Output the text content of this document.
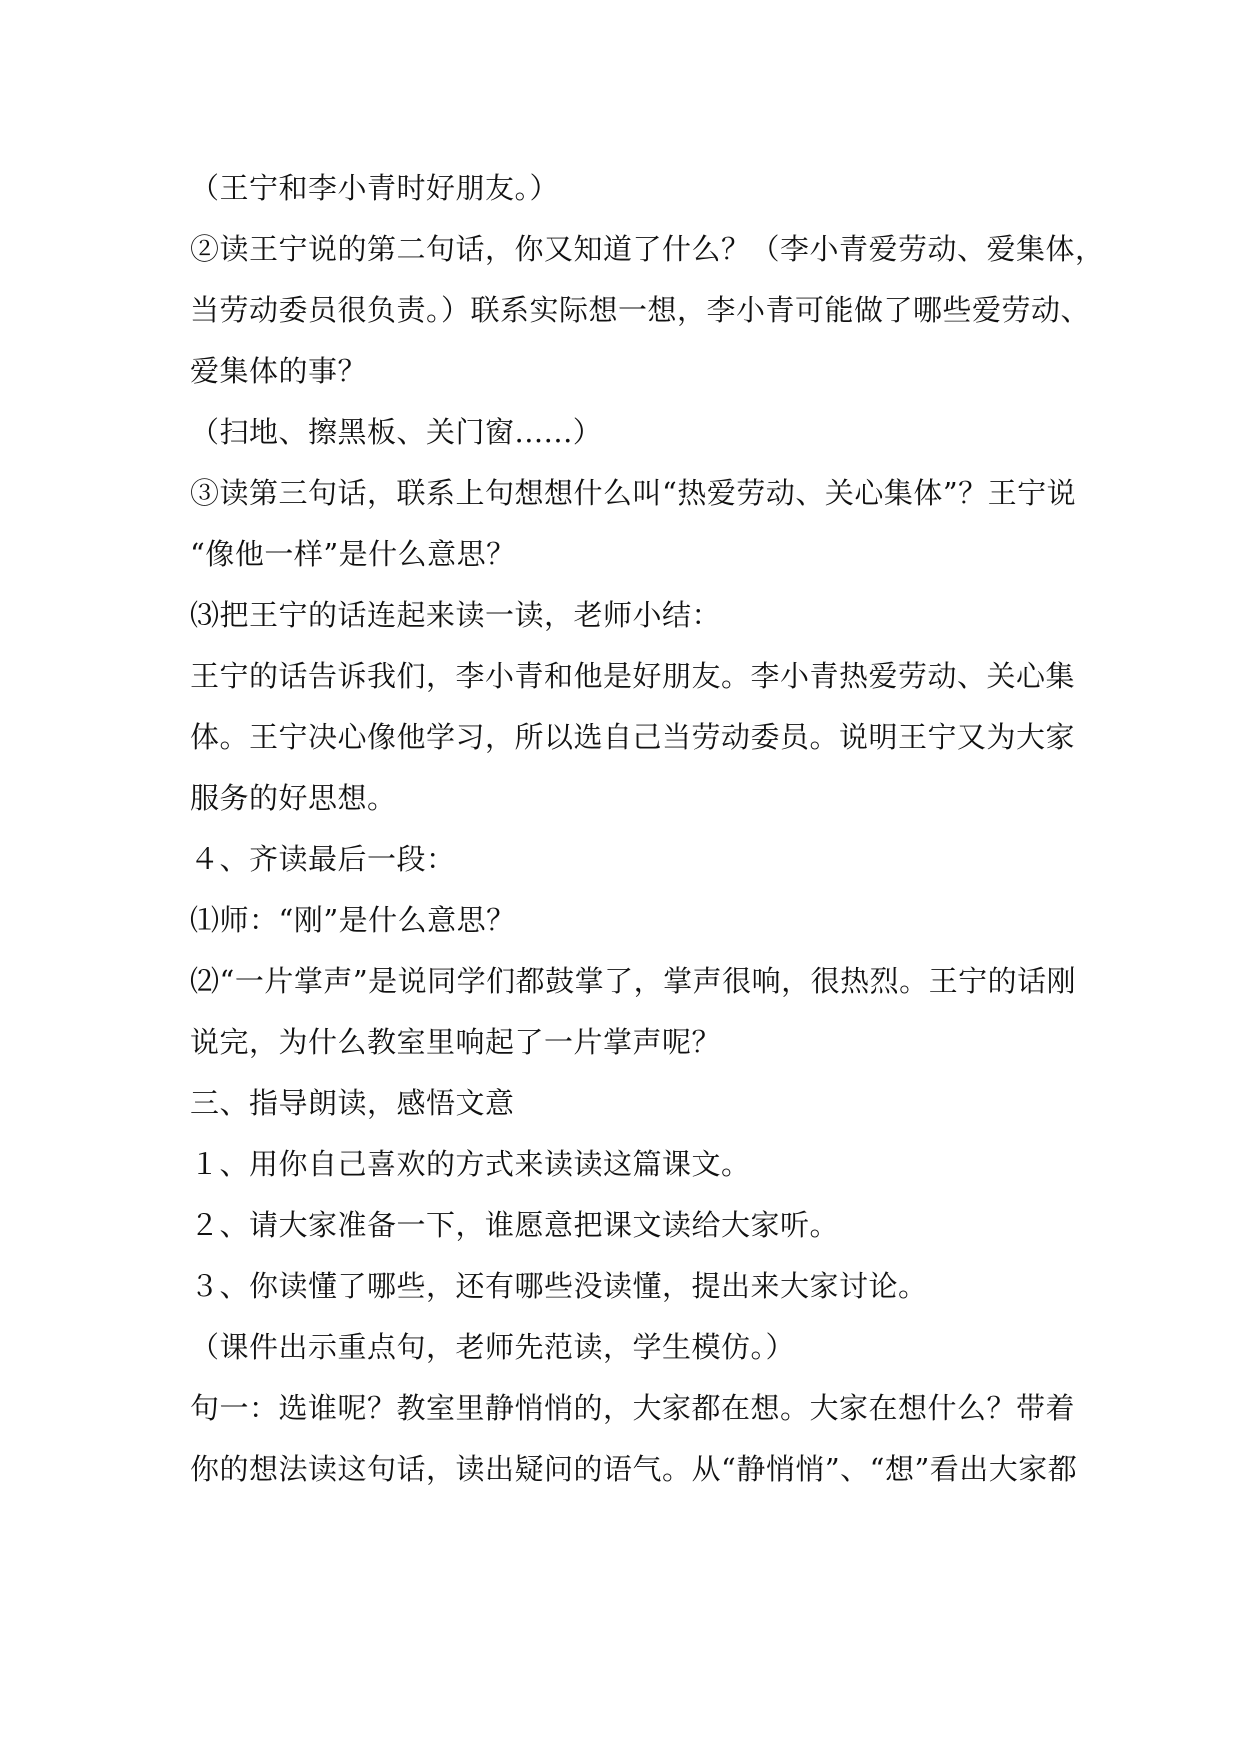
（王宁和李小青时好朋友。）
②读王宁说的第二句话，你又知道了什么？（李小青爱劳动、爱集体，
当劳动委员很负责。）联系实际想一想，李小青可能做了哪些爱劳动、
爱集体的事？
（扫地、擦黑板、关门窗......）
③读第三句话，联系上句想想什么叫“热爱劳动、关心集体”？王宁说
“像他一样”是什么意思？
⑶把王宁的话连起来读一读，老师小结：
王宁的话告诉我们，李小青和他是好朋友。李小青热爱劳动、关心集
体。王宁决心像他学习，所以选自己当劳动委员。说明王宁又为大家
服务的好思想。
４、齐读最后一段：
⑴师：“刚”是什么意思？
⑵“一片掌声”是说同学们都鼓掌了，掌声很响，很热烈。王宁的话刚
说完，为什么教室里响起了一片掌声呢？
三、指导朗读，感悟文意
１、用你自己喜欢的方式来读读这篇课文。
２、请大家准备一下，谁愿意把课文读给大家听。
３、你读懂了哪些，还有哪些没读懂，提出来大家讨论。
（课件出示重点句，老师先范读，学生模仿。）
句一：选谁呢？教室里静悄悄的，大家都在想。大家在想什么？带着
你的想法读这句话，读出疑问的语气。从“静悄悄”、“想”看出大家都
